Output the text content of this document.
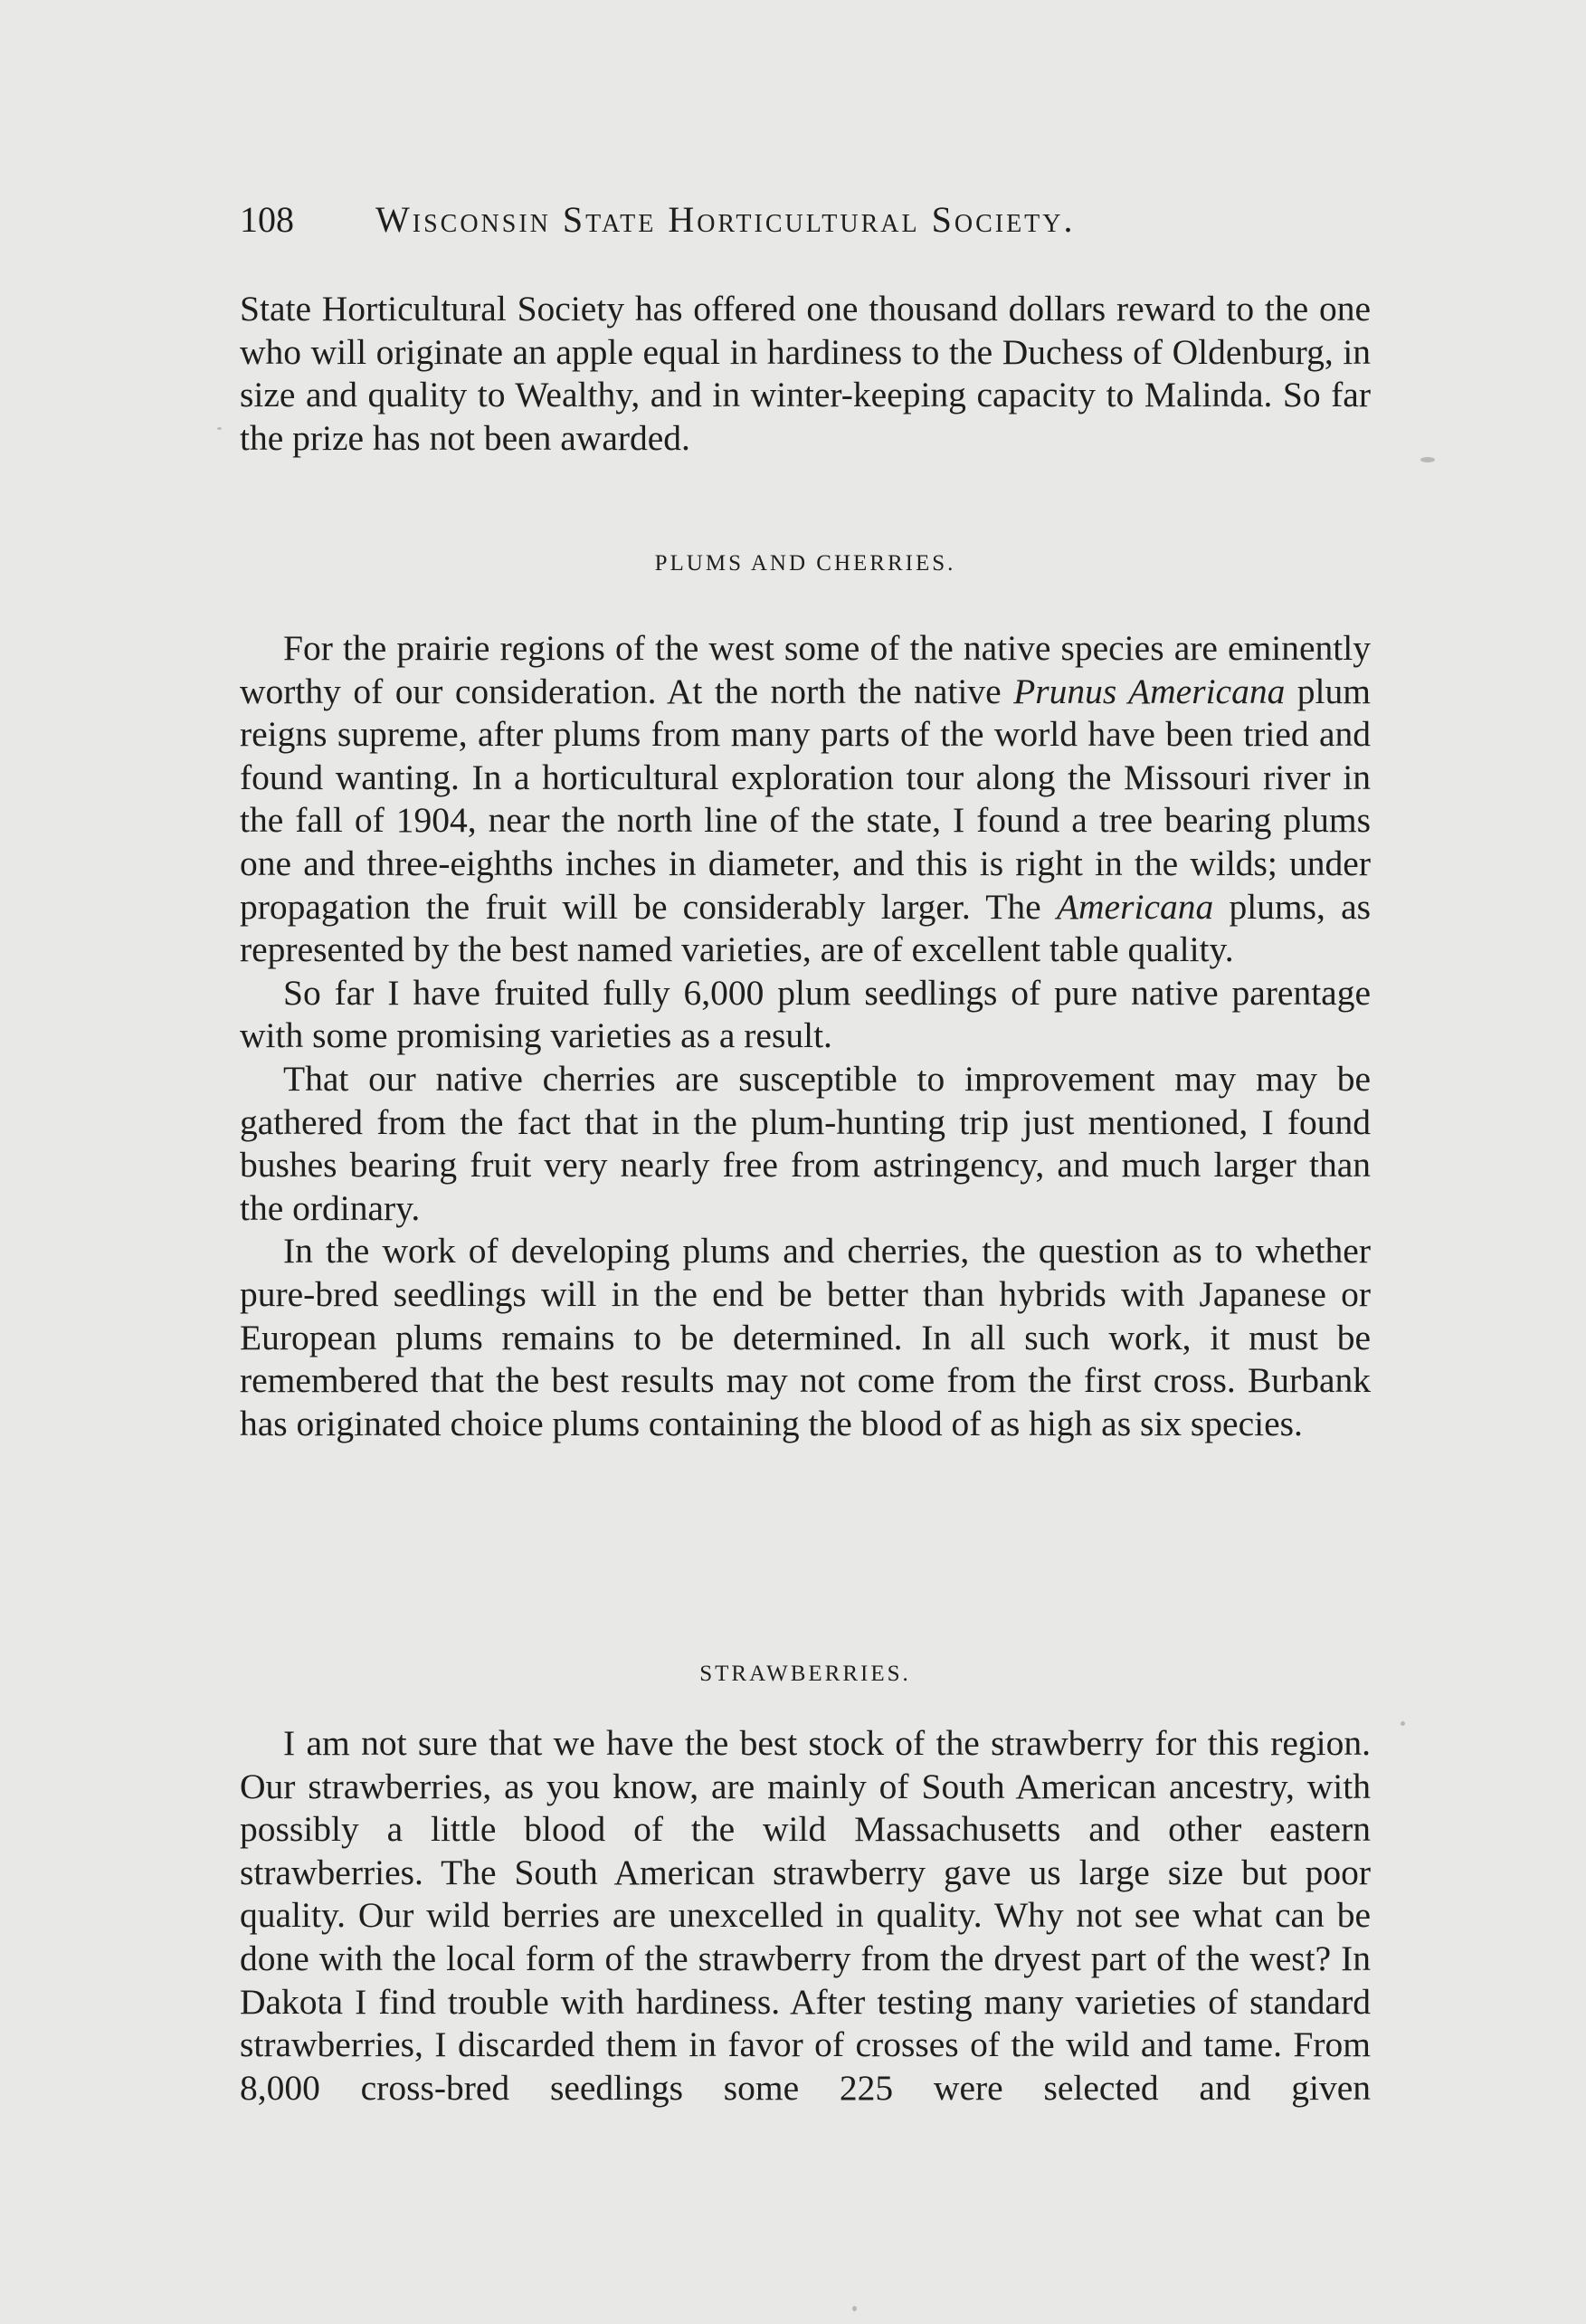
108 Wisconsin State Horticultural Society.

State Horticultural Society has offered one thousand dollars reward to the one who will originate an apple equal in hardiness to the Duchess of Oldenburg, in size and quality to Wealthy, and in winter-keeping capacity to Malinda. So far the prize has not been awarded.

PLUMS AND CHERRIES.

For the prairie regions of the west some of the native species are eminently worthy of our consideration. At the north the native Prunus Americana plum reigns supreme, after plums from many parts of the world have been tried and found wanting. In a horticultural exploration tour along the Missouri river in the fall of 1904, near the north line of the state, I found a tree bearing plums one and three-eighths inches in diameter, and this is right in the wilds; under propagation the fruit will be considerably larger. The Americana plums, as represented by the best named varieties, are of excellent table quality.

So far I have fruited fully 6,000 plum seedlings of pure native parentage with some promising varieties as a result.

That our native cherries are susceptible to improvement may may be gathered from the fact that in the plum-hunting trip just mentioned, I found bushes bearing fruit very nearly free from astringency, and much larger than the ordinary.

In the work of developing plums and cherries, the question as to whether pure-bred seedlings will in the end be better than hybrids with Japanese or European plums remains to be determined. In all such work, it must be remembered that the best results may not come from the first cross. Burbank has originated choice plums containing the blood of as high as six species.

STRAWBERRIES.

I am not sure that we have the best stock of the strawberry for this region. Our strawberries, as you know, are mainly of South American ancestry, with possibly a little blood of the wild Massachusetts and other eastern strawberries. The South American strawberry gave us large size but poor quality. Our wild berries are unexcelled in quality. Why not see what can be done with the local form of the strawberry from the dryest part of the west? In Dakota I find trouble with hardiness. After testing many varieties of standard strawberries, I discarded them in favor of crosses of the wild and tame. From 8,000 cross-bred seedlings some 225 were selected and given
